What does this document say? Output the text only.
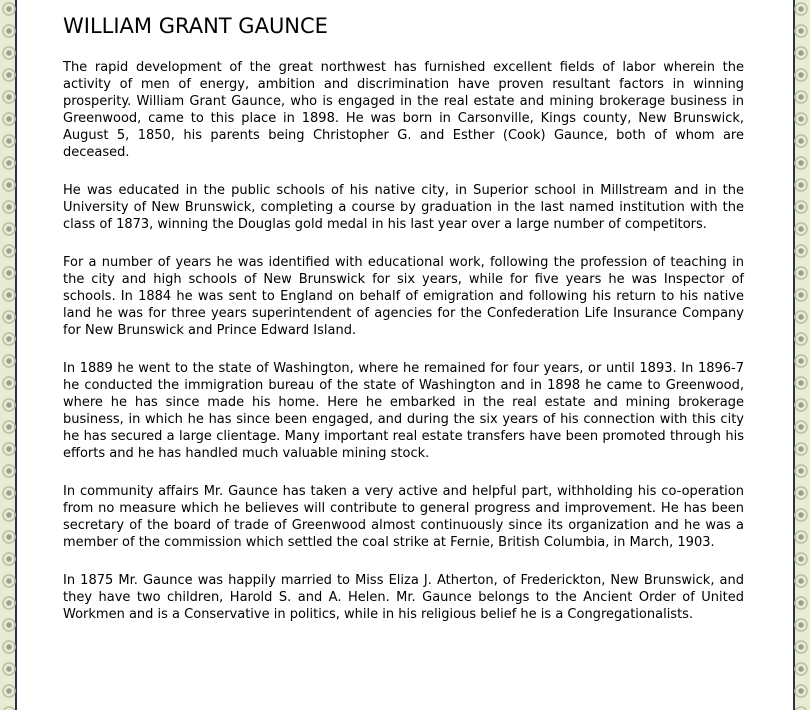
WILLIAM GRANT GAUNCE

The rapid development of the great northwest has furnished excellent fields of labor wherein the activity of men of energy, ambition and discrimination have proven resultant factors in winning prosperity. William Grant Gaunce, who is engaged in the real estate and mining brokerage business in Greenwood, came to this place in 1898. He was born in Carsonville, Kings county, New Brunswick, August 5, 1850, his parents being Christopher G. and Esther (Cook) Gaunce, both of whom are deceased.

He was educated in the public schools of his native city, in Superior school in Millstream and in the University of New Brunswick, completing a course by graduation in the last named institution with the class of 1873, winning the Douglas gold medal in his last year over a large number of competitors.

For a number of years he was identified with educational work, following the profession of teaching in the city and high schools of New Brunswick for six years, while for five years he was Inspector of schools. In 1884 he was sent to England on behalf of emigration and following his return to his native land he was for three years superintendent of agencies for the Confederation Life Insurance Company for New Brunswick and Prince Edward Island.

In 1889 he went to the state of Washington, where he remained for four years, or until 1893. In 1896-7 he conducted the immigration bureau of the state of Washington and in 1898 he came to Greenwood, where he has since made his home. Here he embarked in the real estate and mining brokerage business, in which he has since been engaged, and during the six years of his connection with this city he has secured a large clientage. Many important real estate transfers have been promoted through his efforts and he has handled much valuable mining stock.

In community affairs Mr. Gaunce has taken a very active and helpful part, withholding his co-operation from no measure which he believes will contribute to general progress and improvement. He has been secretary of the board of trade of Greenwood almost continuously since its organization and he was a member of the commission which settled the coal strike at Fernie, British Columbia, in March, 1903.

In 1875 Mr. Gaunce was happily married to Miss Eliza J. Atherton, of Frederickton, New Brunswick, and they have two children, Harold S. and A. Helen. Mr. Gaunce belongs to the Ancient Order of United Workmen and is a Conservative in politics, while in his religious belief he is a Congregationalists.
